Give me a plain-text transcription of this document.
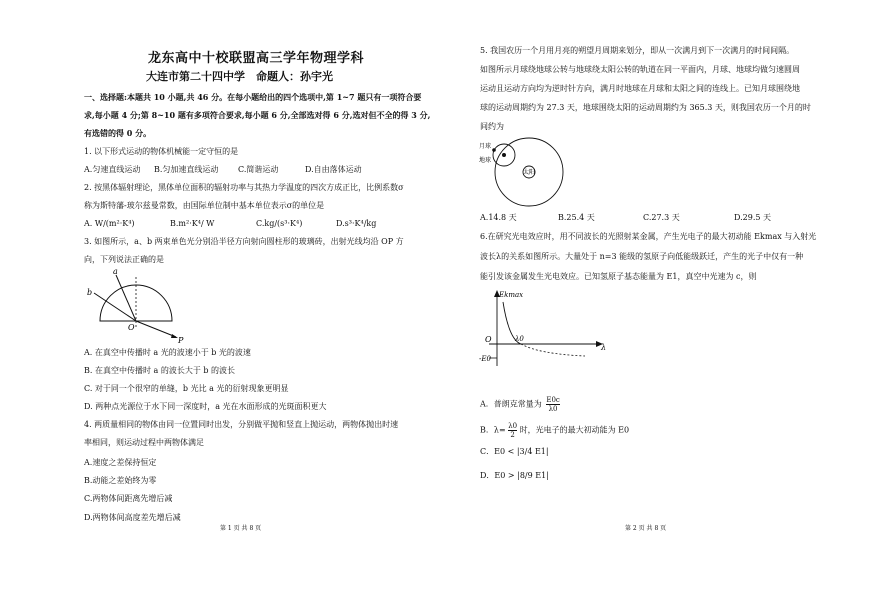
龙东高中十校联盟高三学年物理学科
大连市第二十四中学　命题人：孙宇光
一、选择题:本题共 10 小题,共 46 分。在每小题给出的四个选项中,第 1~7 题只有一项符合要
求,每小题 4 分;第 8~10 题有多项符合要求,每小题 6 分,全部选对得 6 分,选对但不全的得 3 分,
有选错的得 0 分。
1. 以下形式运动的物体机械能一定守恒的是
A.匀速直线运动 B.匀加速直线运动 C.简谐运动	D.自由落体运动
2. 按黑体辐射理论，黑体单位面积的辐射功率与其热力学温度的四次方成正比，比例系数σ
称为斯特藩-玻尔兹曼常数，由国际单位制中基本单位表示σ的单位是
A. W/(m²·K⁴)	B.m²·K⁴/ W	C.kg/(s³·K⁴)	D.s³·K⁴/kg
3. 如图所示，a、b 两束单色光分别沿半径方向射向圆柱形的玻璃砖，出射光线均沿 OP 方
向，下列说法正确的是
a
b
O
P
A. 在真空中传播时 a 光的波速小于 b 光的波速
B. 在真空中传播时 a 的波长大于 b 的波长
C. 对于同一个很窄的单缝，b 光比 a 光的衍射现象更明显
D. 两种点光源位于水下同一深度时，a 光在水面形成的光斑面积更大
4. 两质量相同的物体由同一位置同时出发，分别做平抛和竖直上抛运动，两物体抛出时速
率相同，则运动过程中两物体满足
A.速度之差保持恒定
B.动能之差始终为零
C.两物体间距离先增后减
D.两物体间高度差先增后减
第 1 页 共 8 页
5. 我国农历一个月用月亮的朔望月周期来划分，即从一次满月到下一次满月的时间间隔。
如图所示月球绕地球公转与地球绕太阳公转的轨道在同一平面内，月球、地球均做匀速圆周
运动且运动方向均为逆时针方向，满月时地球在月球和太阳之间的连线上。已知月球围绕地
球的运动周期约为 27.3 天，地球围绕太阳的运动周期约为 365.3 天，则我国农历一个月的时
间约为
月球
地球
太阳
A.14.8 天	B.25.4 天	C.27.3 天	D.29.5 天
6.在研究光电效应时，用不同波长的光照射某金属，产生光电子的最大初动能 Ekmax 与入射光
波长λ的关系如图所示。大量处于 n=3 能级的氢原子向低能级跃迁，产生的光子中仅有一种
能引发该金属发生光电效应。已知氢原子基态能量为 E1，真空中光速为 c，则
Ekmax
λ
O	λ0
-E0
A．普朗克常量为 $\frac{E0c}{\lambda 0}$
B．$\lambda= \frac{\lambda 0}{2}$ 时，光电子的最大初动能为 E0
C．E0 < |3/4 E1|
D．E0 > |8/9 E1|
第 2 页 共 8 页
